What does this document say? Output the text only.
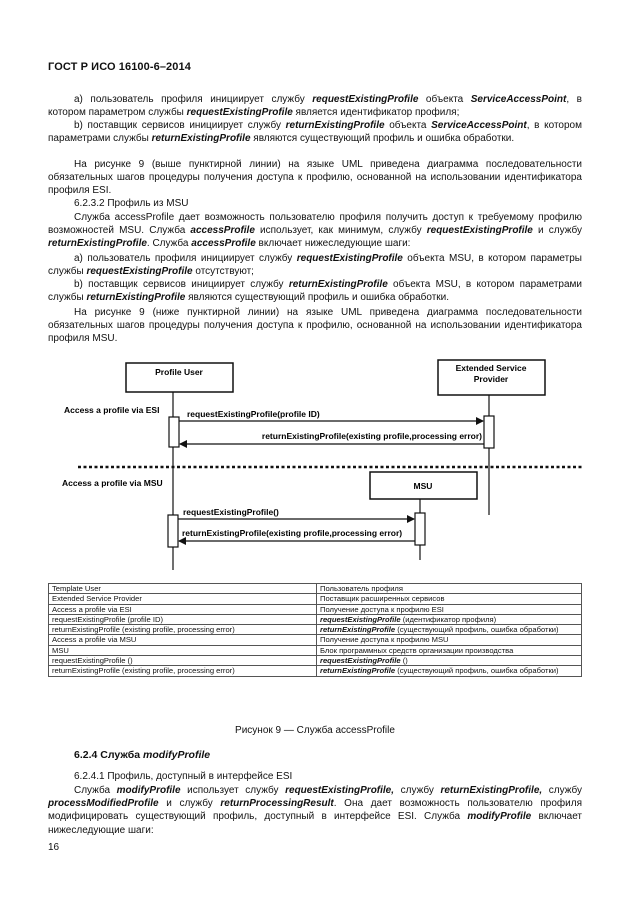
ГОСТ Р ИСО 16100-6–2014

а) пользователь профиля инициирует службу requestExistingProfile объекта ServiceAccessPoint, в котором параметром службы requestExistingProfile является идентификатор профиля;

b) поставщик сервисов инициирует службу returnExistingProfile объекта ServiceAccessPoint, в котором параметрами службы returnExistingProfile являются существующий профиль и ошибка обработки.

На рисунке 9 (выше пунктирной линии) на языке UML приведена диаграмма последовательности обязательных шагов процедуры получения доступа к профилю, основанной на использовании идентификатора профиля ESI.

6.2.3.2 Профиль из MSU

Служба accessProfile дает возможность пользователю профиля получить доступ к требуемому профилю возможностей MSU. Служба accessProfile использует, как минимум, службу requestExistingProfile и службу returnExistingProfile. Служба accessProfile включает нижеследующие шаги:

а) пользователь профиля инициирует службу requestExistingProfile объекта MSU, в котором параметры службы requestExistingProfile отсутствуют;

b) поставщик сервисов инициирует службу returnExistingProfile объекта MSU, в котором параметрами службы returnExistingProfile являются существующий профиль и ошибка обработки.

На рисунке 9 (ниже пунктирной линии) на языке UML приведена диаграмма последовательности обязательных шагов процедуры получения доступа к профилю, основанной на использовании идентификатора профиля MSU.

Profile User	Extended Service
Provider
Access a profile via ESI	requestExistingProfile(profile ID)
returnExistingProfile(existing profile,processing error)
Access a profile via MSU	MSU
requestExistingProfile()
returnExistingProfile(existing profile,processing error)
Template User	Пользователь профиля
Extended Service Provider	Поставщик расширенных сервисов
Access a profile via ESI	Получение доступа к профилю ESI
requestExistingProfile (profile ID)	requestExistingProfile (идентификатор профиля)
returnExistingProfile (existing profile, processing error)	returnExistingProfile (существующий профиль, ошибка обработки)
Access a profile via MSU	Получение доступа к профилю MSU
MSU	Блок программных средств организации производства
requestExistingProfile ()	requestExistingProfile ()
returnExistingProfile (existing profile, processing error)	returnExistingProfile (существующий профиль, ошибка обработки)
Рисунок 9 — Служба accessProfile
6.2.4 Служба modifyProfile

6.2.4.1 Профиль, доступный в интерфейсе ESI

Служба modifyProfile использует службу requestExistingProfile, службу returnExistingProfile, службу processModifiedProfile и службу returnProcessingResult. Она дает возможность пользователю профиля модифицировать существующий профиль, доступный в интерфейсе ESI. Служба modifyProfile включает нижеследующие шаги:

16
